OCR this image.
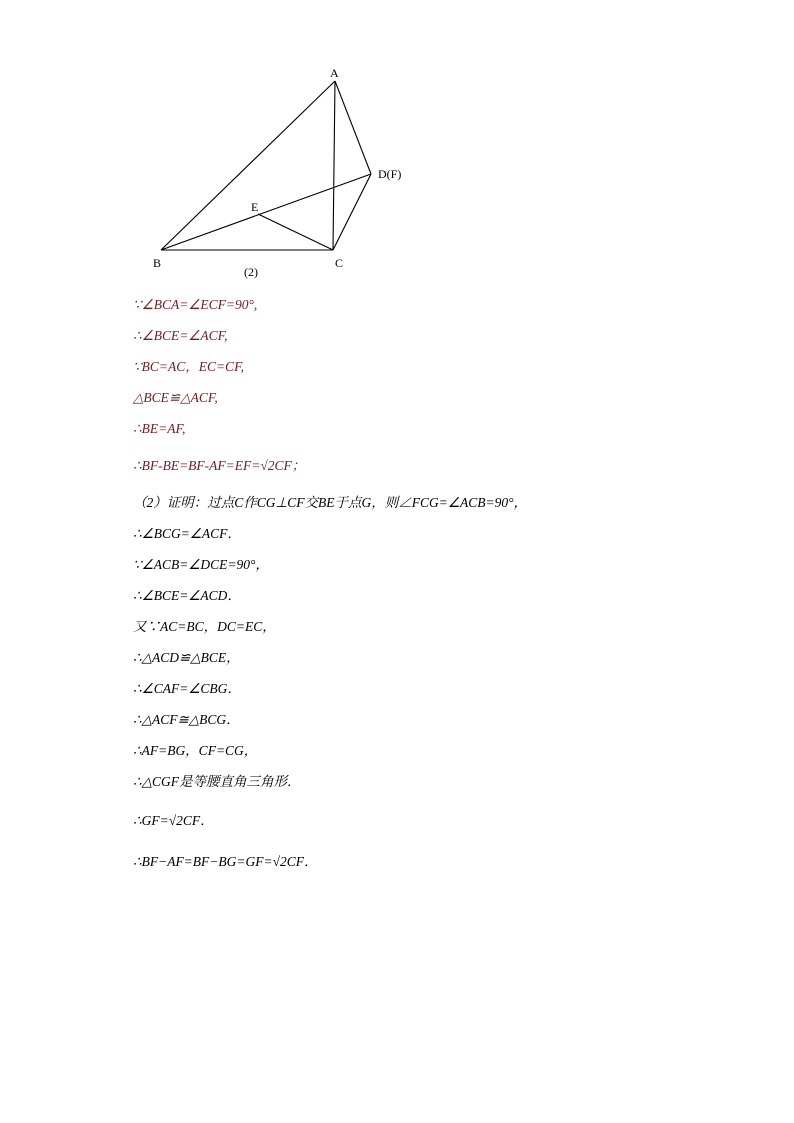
A
B	C
E
D(F)
(2)
∵∠BCA=∠ECF=90°,
∴∠BCE=∠ACF,
∵BC=AC，EC=CF,
△BCE≌△ACF,
∴BE=AF,
∴BF-BE=BF-AF=EF=√2CF；
（2）证明：过点C作CG⊥CF交BE于点G，则∠FCG=∠ACB=90°，
∴∠BCG=∠ACF．
∵∠ACB=∠DCE=90°，
∴∠BCE=∠ACD．
又∵AC=BC，DC=EC，
∴△ACD≌△BCE，
∴∠CAF=∠CBG．
∴△ACF≅△BCG．
∴AF=BG，CF=CG，
∴△CGF是等腰直角三角形．
∴GF=√2CF．
∴BF−AF=BF−BG=GF=√2CF．
